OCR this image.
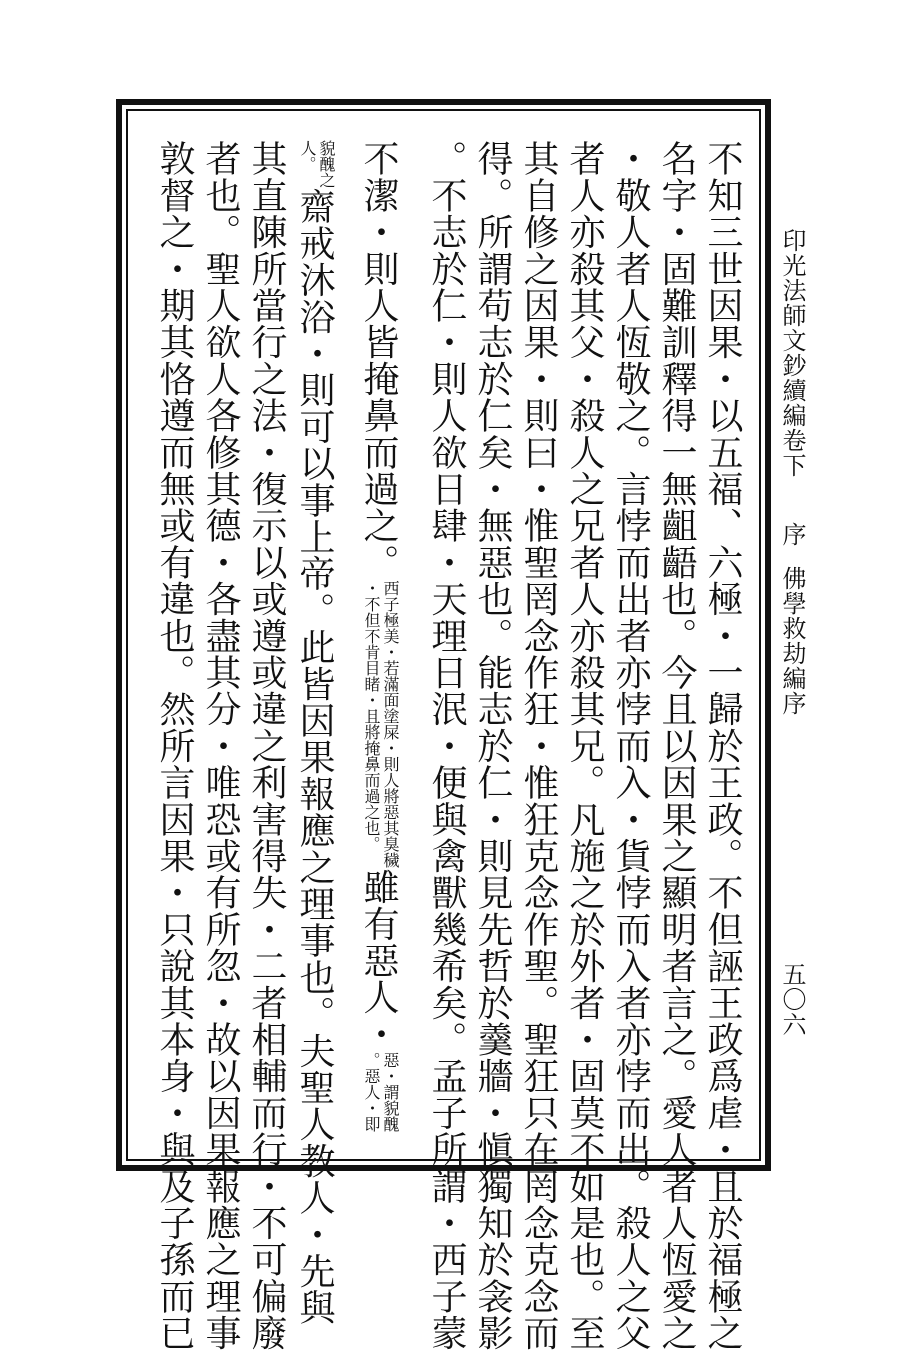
印光法師文鈔續編卷下
序
佛學救劫編序
五〇六
不知三世因果・以五福、六極・一歸於王政。不但誣王政爲虐・且於福極之
名字・固難訓釋得一無齟齬也。今且以因果之顯明者言之。愛人者人恆愛之
・敬人者人恆敬之。言悖而出者亦悖而入・貨悖而入者亦悖而出。殺人之父
者人亦殺其父・殺人之兄者人亦殺其兄。凡施之於外者・固莫不如是也。至
其自修之因果・則曰・惟聖罔念作狂・惟狂克念作聖。聖狂只在罔念克念而
得。所謂苟志於仁矣・無惡也。能志於仁・則見先哲於羹牆・愼獨知於衾影
。不志於仁・則人欲日肆・天理日泯・便與禽獸幾希矣。孟子所謂・西子蒙
不潔・則人皆掩鼻而過之。
西子極美・若滿面塗屎・則人將惡其臭穢
・不但不肯目睹・且將掩鼻而過之也。
雖有惡人・
惡・謂貌醜
。惡人・即
貌醜之
人。
齋戒沐浴・則可以事上帝。此皆因果報應之理事也。夫聖人教人・先與
其直陳所當行之法・復示以或遵或違之利害得失・二者相輔而行・不可偏廢
者也。聖人欲人各修其德・各盡其分・唯恐或有所忽・故以因果報應之理事
敦督之・期其恪遵而無或有違也。然所言因果・只說其本身・與及子孫而已
